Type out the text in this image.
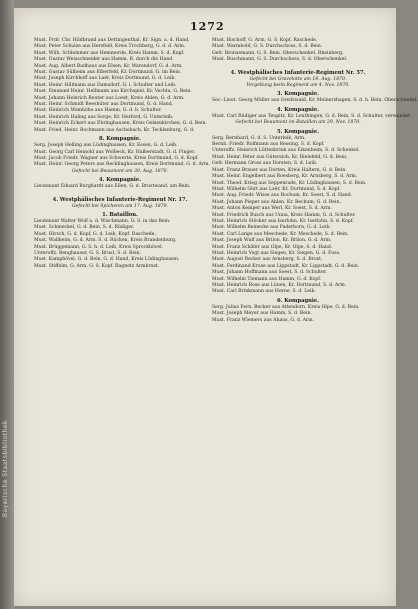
Bayerische Staatsbibliothek
1272
Must. Frdr. Chr. Hildbrand aus Dettingenthal, Kr. Sign. a. d. Hand.
Must. Peter Schulze aus Herzfeld, Kreis Trochberg, G. d. d. Arm.
Must. Wilh. Schlemmer aus Hemmerde, Kreis Hamm, S. d. Kopf.
Must. Gustav Weisschneider aus Hamm, R. durch die Hand.
Must. Aug. Albert Badhaus aus Elsen, Kr. Warendorf, G. d. Arm.
Must. Gustav Sülheim aus Elberfeld, Kr. Dortmund, G. im Bein.
Must. Joseph Kirchhoff aus Laër, Kreis Dortmund, G. d. Leib.
Must. Heinr. Hillmann aus Damsdorf, G. i. Schulter und Leib.
Must. Emanuel Heinr. Hellmann aus Kirchspiel, Kr. Vechta, G. Bein.
Must. Johann Heinrich Reuter aus Loest, Kreis Ahlen, G. d. Arm.
Must. Heinr. Schmidt Beeshüter aus Dortmund, G. d. Hand.
Must. Heinrich Wemhöhe aus Hamm, G. d. b. Schulter.
Must. Heinrich Haling aus Sorge, Kr. Herford, G. Unterleib.
Must. Heinrich Eckert aus Ehringhausen, Kreis Gelsenkirchen, G. d. Bein.
Must. Fried. Heinr. Bochmann aus Aschebach, Kr. Tecklenburg, G. d.
8. Kompagnie.
Serg. Joseph Helling aus Lüdinghausen, Kr. Essen, G. d. Leib.
Must. Georg Carl Heinold aus Wolbeck, Kr. Halberstadt, G. d. Finger.
Must. Jacob Friedr. Wagner aus Schwerte, Kreis Dortmund, G. d. Kopf.
Must. Heinr. Georg Peters aus Recklinghausen, Kreis Dortmund, G. d. Arm.
Gefecht bei Beaumont am 30. Aug. 1870.
4. Kompagnie.
Lieutenant Eduard Burghardt aus Eilen, G. d. Brustwand, am Bein.
4. Westphälisches Infanterie-Regiment Nr. 17.
Gefecht bei Spicheren am 17. Aug. 1870.
1. Bataillon.
Lieutenant Walter Wolf a. d. Wischmann, G. S. in das Bein.
Must. Schmeckel, G. d. Bein, S. d. Rüdiger.
Must. Hirsch, G. d. Kopf, G. d. Leib, Kopf. Raschede.
Must. Wallheim, G. d. Arm. S. d. Rücken, Kreis Brandenburg.
Must. Brüggemann, G. S. h. d. Leib, Kreis Sprockhövel.
Unteroffz. Benghauser, G. S. Brust, S. d. Bein.
Must. Kamphövel, G. d. Bein. G. d. Hand, Kreis Lüdinghausen.
Must. Stiffelm, G. Arm, G. S. Kopf. Ragnetz Armbrust.
Must. Bischoff, G. Arm, G. S. Kopf. Raschede.
Must. Warmbold, G. S. Durchschoss, S. d. Bein.
Gefr. Bronsemann, G. S. Bein. Oberschenkel, Rheinberg.
Must. Buschmann, G. S. Durchschoss, S. d. Oberschenkel.
4. Westphälisches Infanterie-Regiment Nr. 57.
Gefecht bei Gravelotte am 18. Aug. 1870.
Vergeltung beim Regiment am 4. Nov. 1870.
3. Kompagnie.
Sec.-Lieut. Georg Müller aus Greifswald, Kr. Meinerzhagen, S. d. h. Bein, Oberschenkel.
4. Kompagnie.
Must. Carl Rüdiger aus Teupitz, Kr. Leuthingen, G. d. Bein, S. d. Schulter, verwundet.
Gefecht bei Beaumont im Bataillon am 29. Nov. 1870.
5. Kompagnie.
Serg. Bernhard, G. d. S. Unterleib, Arm.
Bernh. Friedr. Rolfmann aus Ressing, S. d. Kopf.
Unteroffz. Heinrich Lüttenbrink aus Eikenheim, S. d. Schenkel.
Must. Heinr. Peter aus Gütersloh, Kr. Bielefeld, G. d. Bein.
Gefr. Hermann Gross aus Dorsten, S. d. Leib.
Must. Franz Brauer aus Dorten, Kreis Haltern, G. d. Bein.
Must. Heinr. Engelbert aus Roesberg, Kr. Arnsberg, S. d. Arm.
Must. Theod. Krieg aus Seppenrade, Kr. Lüdinghausen, S. d. Bein.
Must. Wilhelm Gürt aus Laër, Kr. Dortmund, S. d. Kopf.
Must. Aug. Friedr. Wisse aus Bochum, Kr. Soest, S. d. Hand.
Must. Johann Pieper aus Ahlen, Kr. Beckum, G. d. Bein.
Must. Anton Kemper aus Werl, Kr. Soest, S. d. Arm.
Must. Friedrich Busch aus Unna, Kreis Hamm, G. d. Schulter.
Must. Heinrich Stöcker aus Iserlohn, Kr. Iserlohn, S. d. Kopf.
Must. Wilhelm Reinecke aus Paderborn, G. d. Leib.
Must. Carl Lange aus Meschede, Kr. Meschede, S. d. Bein.
Must. Joseph Wulf aus Brilon, Kr. Brilon, G. d. Arm.
Must. Franz Schäfer aus Olpe, Kr. Olpe, S. d. Hand.
Must. Heinrich Vogt aus Siegen, Kr. Siegen, G. d. Fuss.
Must. August Becker aus Arnsberg, S. d. Brust.
Must. Ferdinand Kruse aus Lippstadt, Kr. Lippstadt, G. d. Bein.
Must. Johann Hoffmann aus Soest, S. d. Schulter.
Must. Wilhelm Tiemann aus Hamm, G. d. Kopf.
Must. Heinrich Rose aus Lünen, Kr. Dortmund, S. d. Arm.
Must. Carl Brinkmann aus Herne, S. d. Leib.
6. Kompagnie.
Serg. Julius Fern. Becker aus Attendorn, Kreis Olpe, G. d. Bein.
Must. Joseph Meyer aus Hamm, S. d. Bein.
Must. Franz Wiemers aus Ahaus, G. d. Arm.
